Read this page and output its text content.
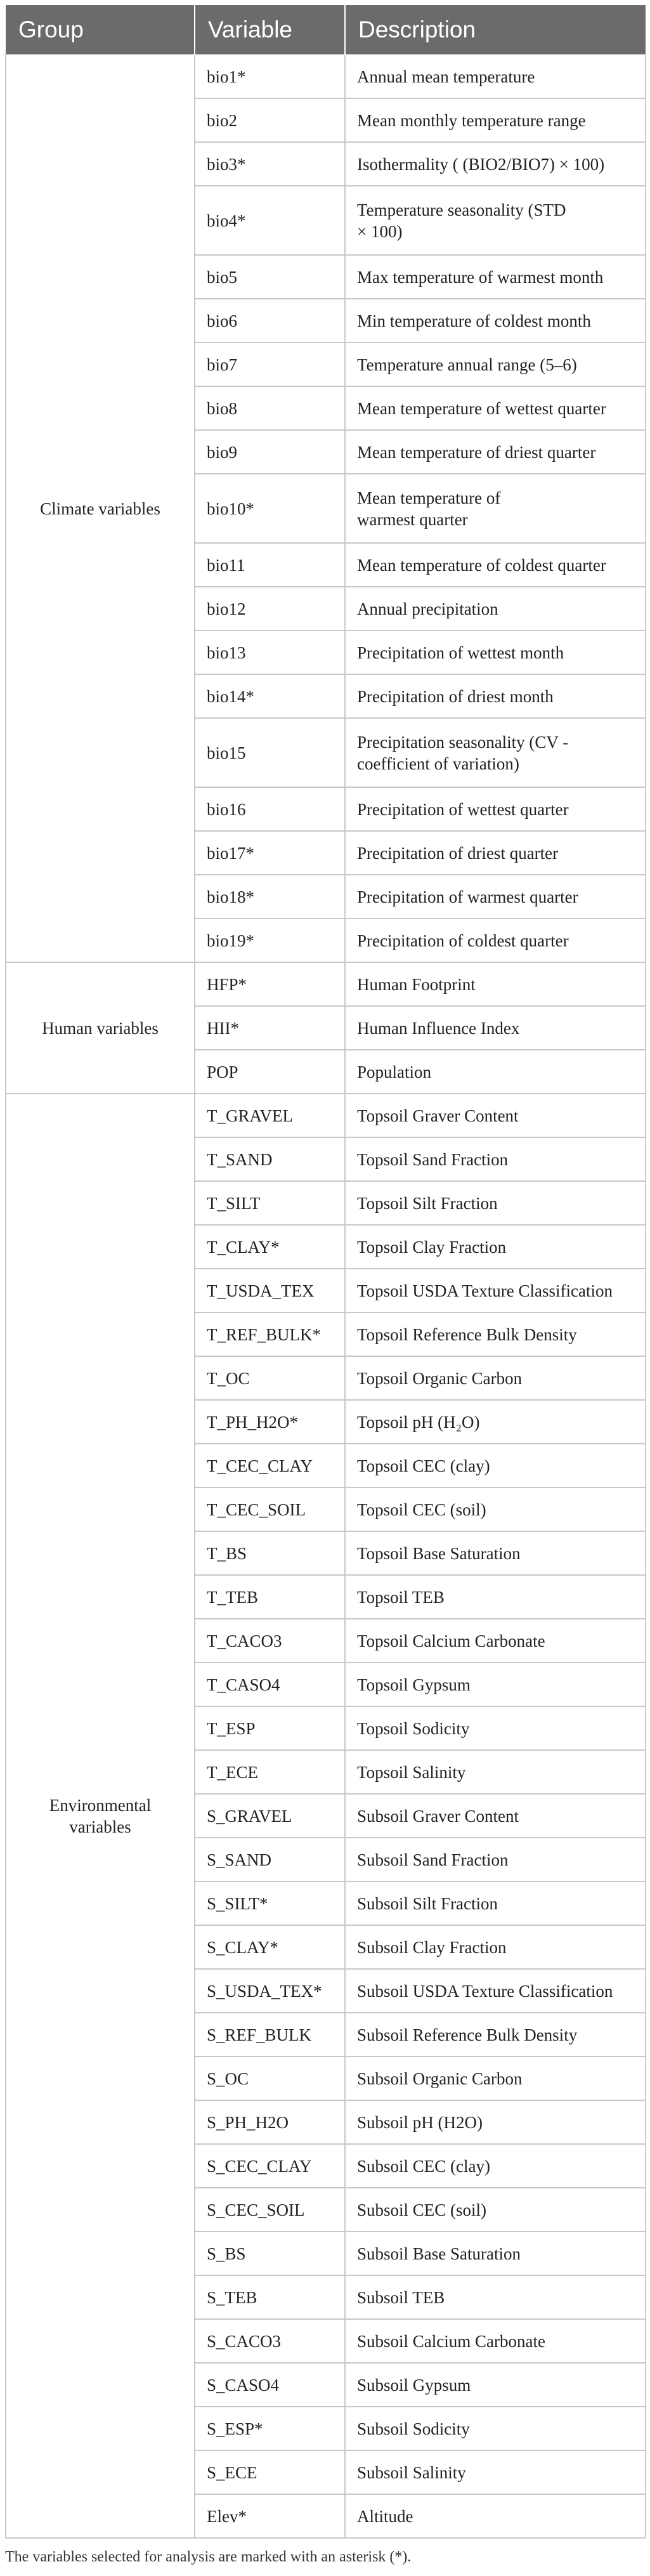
Group	Variable	Description
Climate variables	bio1*	Annual mean temperature
	bio2	Mean monthly temperature range
	bio3*	Isothermality ( (BIO2/BIO7) × 100)
	bio4*	Temperature seasonality (STD
× 100)

	bio5	Max temperature of warmest month
	bio6	Min temperature of coldest month
	bio7	Temperature annual range (5–6)
	bio8	Mean temperature of wettest quarter
	bio9	Mean temperature of driest quarter
	bio10*	Mean temperature of
warmest quarter

	bio11	Mean temperature of coldest quarter
	bio12	Annual precipitation
	bio13	Precipitation of wettest month
	bio14*	Precipitation of driest month
	bio15	Precipitation seasonality (CV -
coefficient of variation)

	bio16	Precipitation of wettest quarter
	bio17*	Precipitation of driest quarter
	bio18*	Precipitation of warmest quarter
	bio19*	Precipitation of coldest quarter
Human variables	HFP*	Human Footprint
	HII*	Human Influence Index
	POP	Population

Environmental
variables	T_GRAVEL	Topsoil Graver Content
	T_SAND	Topsoil Sand Fraction
	T_SILT	Topsoil Silt Fraction
	T_CLAY*	Topsoil Clay Fraction
	T_USDA_TEX	Topsoil USDA Texture Classification
	T_REF_BULK*	Topsoil Reference Bulk Density
	T_OC	Topsoil Organic Carbon
	T_PH_H2O*	Topsoil pH (H₂O)
	T_CEC_CLAY	Topsoil CEC (clay)
	T_CEC_SOIL	Topsoil CEC (soil)
	T_BS	Topsoil Base Saturation
	T_TEB	Topsoil TEB
	T_CACO3	Topsoil Calcium Carbonate
	T_CASO4	Topsoil Gypsum
	T_ESP	Topsoil Sodicity
	T_ECE	Topsoil Salinity
	S_GRAVEL	Subsoil Graver Content
	S_SAND	Subsoil Sand Fraction
	S_SILT*	Subsoil Silt Fraction
	S_CLAY*	Subsoil Clay Fraction
	S_USDA_TEX*	Subsoil USDA Texture Classification
	S_REF_BULK	Subsoil Reference Bulk Density
	S_OC	Subsoil Organic Carbon
	S_PH_H2O	Subsoil pH (H2O)
	S_CEC_CLAY	Subsoil CEC (clay)
	S_CEC_SOIL	Subsoil CEC (soil)
	S_BS	Subsoil Base Saturation
	S_TEB	Subsoil TEB
	S_CACO3	Subsoil Calcium Carbonate
	S_CASO4	Subsoil Gypsum
	S_ESP*	Subsoil Sodicity
	S_ECE	Subsoil Salinity
	Elev*	Altitude
The variables selected for analysis are marked with an asterisk (*).
